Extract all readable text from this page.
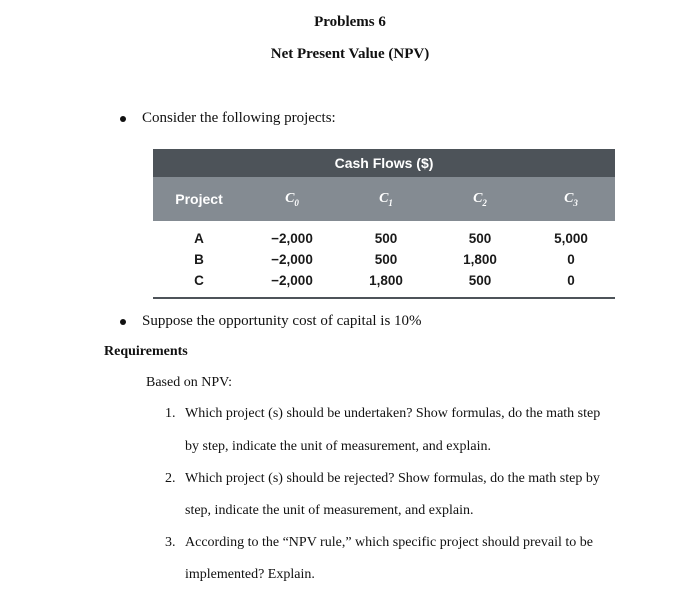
Problems 6
Net Present Value (NPV)
Consider the following projects:
Cash Flows ($)
Project	$C_0$	$C_1$	$C_2$	$C_3$
A	−2,000	500	500	5,000
B	−2,000	500	1,800	0
C	−2,000	1,800	500	0
Suppose the opportunity cost of capital is 10%
Requirements
Based on NPV:
1. Which project (s) should be undertaken? Show formulas, do the math step
by step, indicate the unit of measurement, and explain.
2. Which project (s) should be rejected? Show formulas, do the math step by
step, indicate the unit of measurement, and explain.
3. According to the “NPV rule,” which specific project should prevail to be
implemented? Explain.
